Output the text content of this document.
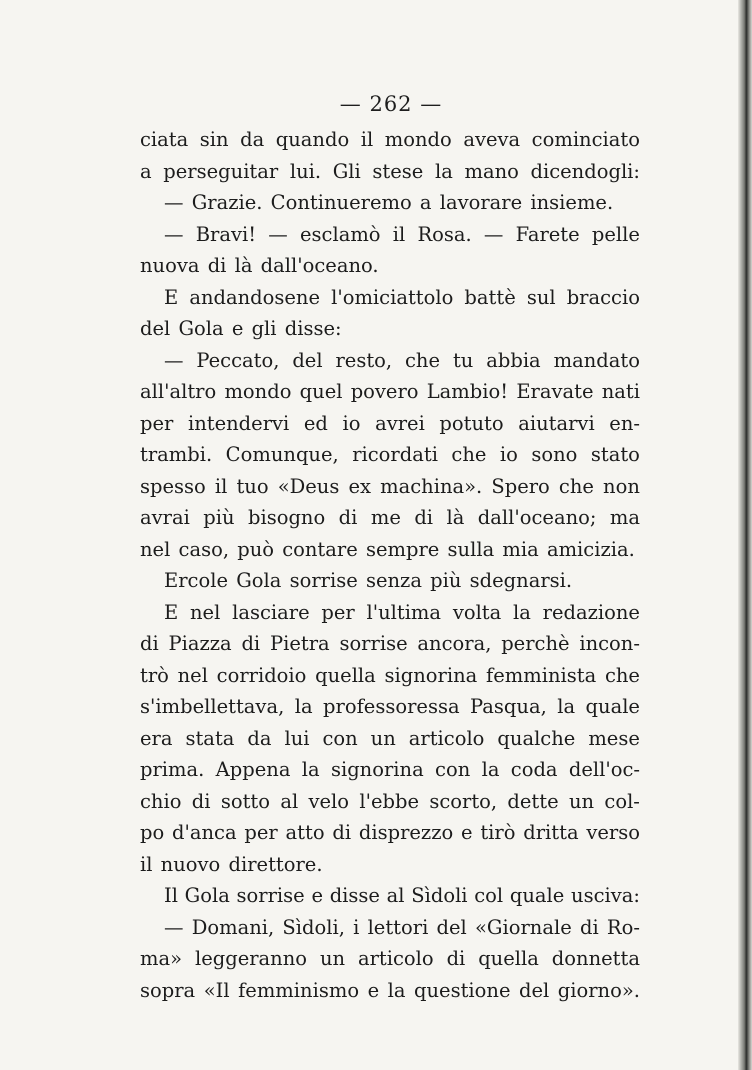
— 262 —
ciata sin da quando il mondo aveva cominciato
a perseguitar lui. Gli stese la mano dicendogli:
— Grazie. Continueremo a lavorare insieme.
— Bravi! — esclamò il Rosa. — Farete pelle
nuova di là dall'oceano.
E andandosene l'omiciattolo battè sul braccio
del Gola e gli disse:
— Peccato, del resto, che tu abbia mandato
all'altro mondo quel povero Lambio! Eravate nati
per intendervi ed io avrei potuto aiutarvi en-
trambi. Comunque, ricordati che io sono stato
spesso il tuo «Deus ex machina». Spero che non
avrai più bisogno di me di là dall'oceano; ma
nel caso, può contare sempre sulla mia amicizia.
Ercole Gola sorrise senza più sdegnarsi.
E nel lasciare per l'ultima volta la redazione
di Piazza di Pietra sorrise ancora, perchè incon-
trò nel corridoio quella signorina femminista che
s'imbellettava, la professoressa Pasqua, la quale
era stata da lui con un articolo qualche mese
prima. Appena la signorina con la coda dell'oc-
chio di sotto al velo l'ebbe scorto, dette un col-
po d'anca per atto di disprezzo e tirò dritta verso
il nuovo direttore.
Il Gola sorrise e disse al Sìdoli col quale usciva:
— Domani, Sìdoli, i lettori del «Giornale di Ro-
ma» leggeranno un articolo di quella donnetta
sopra «Il femminismo e la questione del giorno».
